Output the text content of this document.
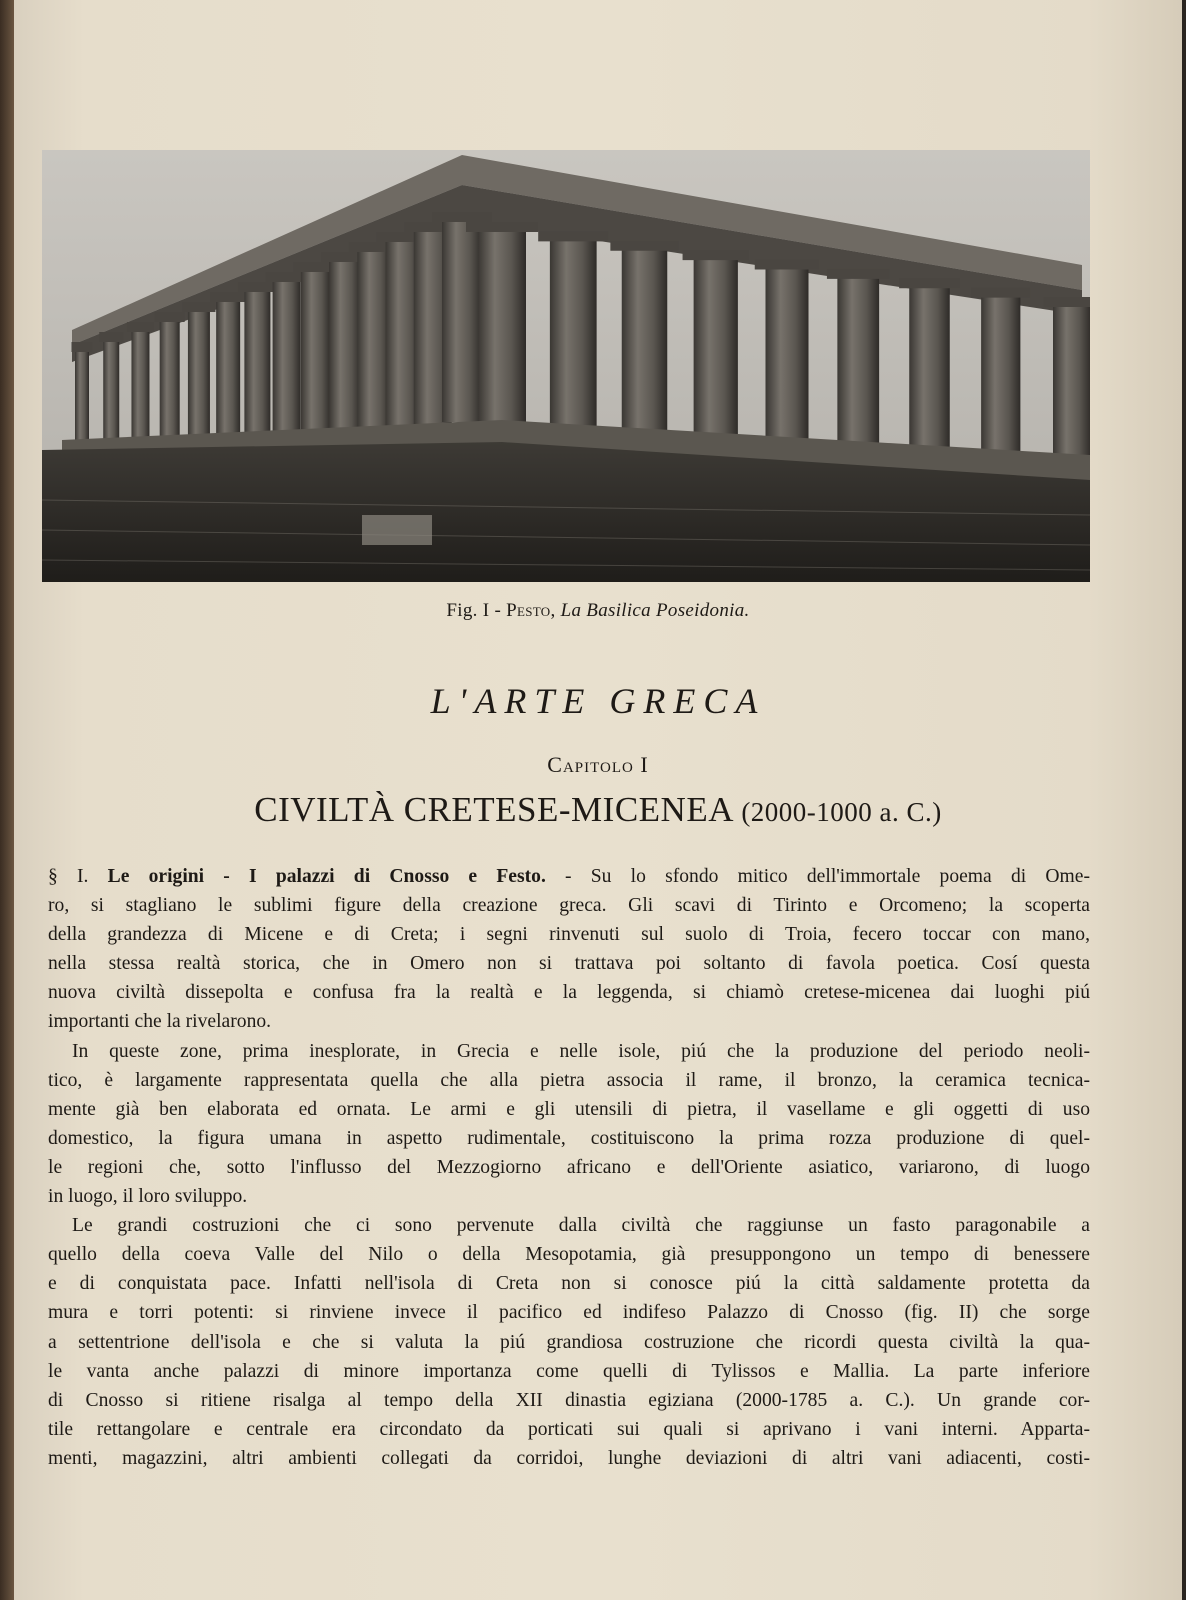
Fig. I - Pesto, La Basilica Poseidonia.
L'ARTE GRECA
Capitolo I
CIVILTÀ CRETESE-MICENEA (2000-1000 a. C.)
§ I. Le origini - I palazzi di Cnosso e Festo. - Su lo sfondo mitico dell'immortale poema di Ome-
ro, si stagliano le sublimi figure della creazione greca. Gli scavi di Tirinto e Orcomeno; la scoperta
della grandezza di Micene e di Creta; i segni rinvenuti sul suolo di Troia, fecero toccar con mano,
nella stessa realtà storica, che in Omero non si trattava poi soltanto di favola poetica. Cosí questa
nuova civiltà dissepolta e confusa fra la realtà e la leggenda, si chiamò cretese-micenea dai luoghi piú
importanti che la rivelarono.
In queste zone, prima inesplorate, in Grecia e nelle isole, piú che la produzione del periodo neoli-
tico, è largamente rappresentata quella che alla pietra associa il rame, il bronzo, la ceramica tecnica-
mente già ben elaborata ed ornata. Le armi e gli utensili di pietra, il vasellame e gli oggetti di uso
domestico, la figura umana in aspetto rudimentale, costituiscono la prima rozza produzione di quel-
le regioni che, sotto l'influsso del Mezzogiorno africano e dell'Oriente asiatico, variarono, di luogo
in luogo, il loro sviluppo.
Le grandi costruzioni che ci sono pervenute dalla civiltà che raggiunse un fasto paragonabile a
quello della coeva Valle del Nilo o della Mesopotamia, già presuppongono un tempo di benessere
e di conquistata pace. Infatti nell'isola di Creta non si conosce piú la città saldamente protetta da
mura e torri potenti: si rinviene invece il pacifico ed indifeso Palazzo di Cnosso (fig. II) che sorge
a settentrione dell'isola e che si valuta la piú grandiosa costruzione che ricordi questa civiltà la qua-
le vanta anche palazzi di minore importanza come quelli di Tylissos e Mallia. La parte inferiore
di Cnosso si ritiene risalga al tempo della XII dinastia egiziana (2000-1785 a. C.). Un grande cor-
tile rettangolare e centrale era circondato da porticati sui quali si aprivano i vani interni. Apparta-
menti, magazzini, altri ambienti collegati da corridoi, lunghe deviazioni di altri vani adiacenti, costi-
